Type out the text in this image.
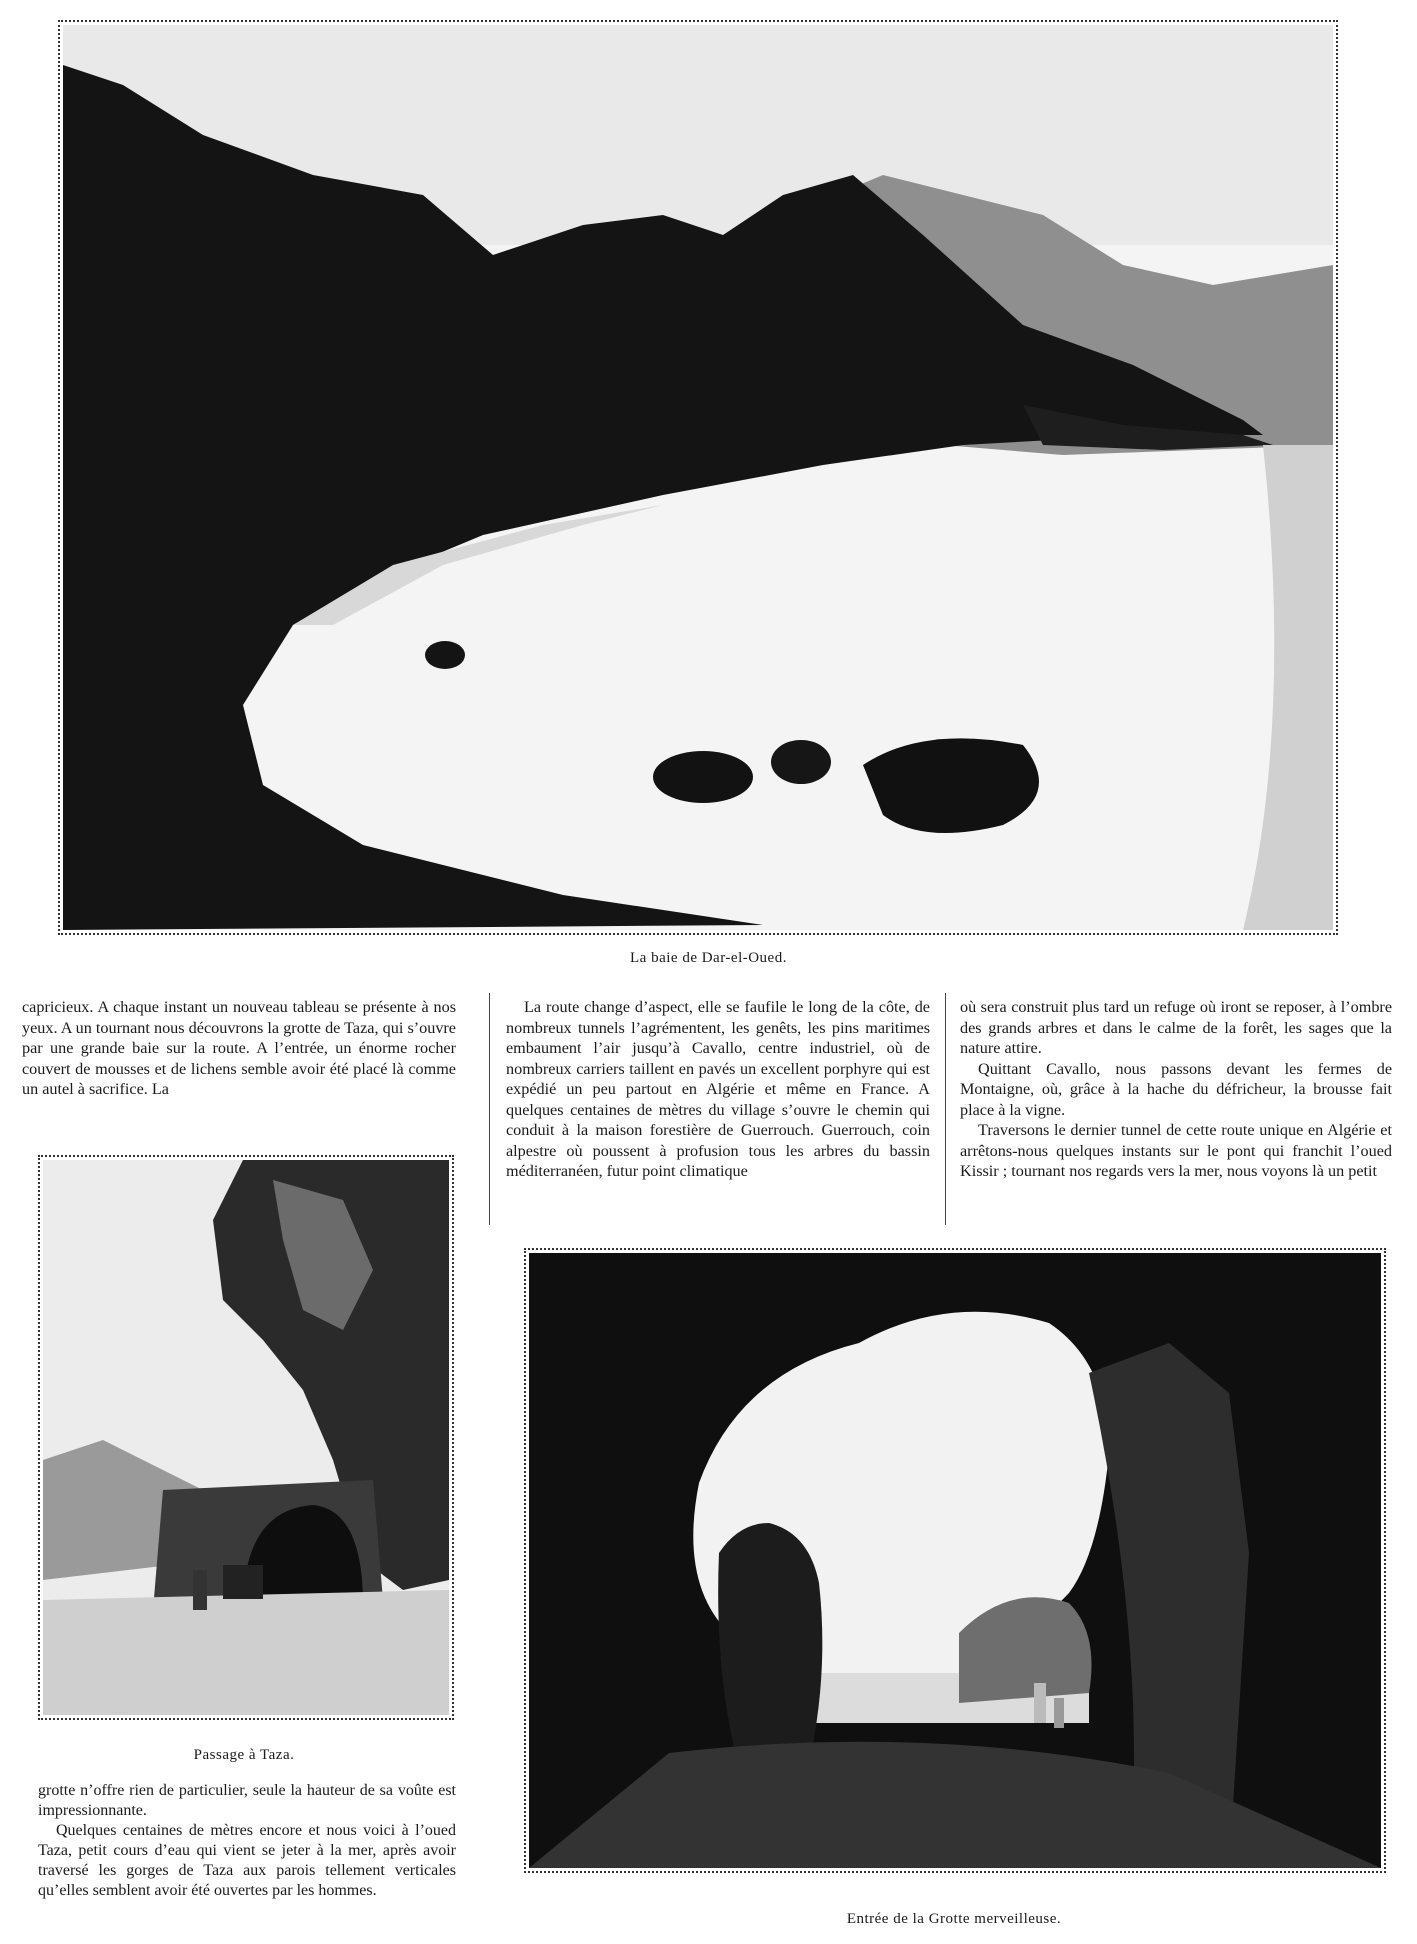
La baie de Dar-el-Oued.

capricieux. A chaque instant un nouveau tableau se présente à nos yeux. A un tournant nous découvrons la grotte de Taza, qui s’ouvre par une grande baie sur la route. A l’entrée, un énorme rocher couvert de mousses et de lichens semble avoir été placé là comme un autel à sacrifice. La

La route change d’aspect, elle se faufile le long de la côte, de nombreux tunnels l’agrémentent, les genêts, les pins maritimes embaument l’air jusqu’à Cavallo, centre industriel, où de nombreux carriers taillent en pavés un excellent porphyre qui est expédié un peu partout en Algérie et même en France. A quelques centaines de mètres du village s’ouvre le chemin qui conduit à la maison forestière de Guerrouch. Guerrouch, coin alpestre où poussent à profusion tous les arbres du bassin méditerranéen, futur point climatique

où sera construit plus tard un refuge où iront se reposer, à l’ombre des grands arbres et dans le calme de la forêt, les sages que la nature attire.

Quittant Cavallo, nous passons devant les fermes de Montaigne, où, grâce à la hache du défricheur, la brousse fait place à la vigne.

Traversons le dernier tunnel de cette route unique en Algérie et arrêtons-nous quelques instants sur le pont qui franchit l’oued Kissir ; tournant nos regards vers la mer, nous voyons là un petit

Passage à Taza.

grotte n’offre rien de particulier, seule la hauteur de sa voûte est impressionnante.

Quelques centaines de mètres encore et nous voici à l’oued Taza, petit cours d’eau qui vient se jeter à la mer, après avoir traversé les gorges de Taza aux parois tellement verticales qu’elles semblent avoir été ouvertes par les hommes.

Entrée de la Grotte merveilleuse.
